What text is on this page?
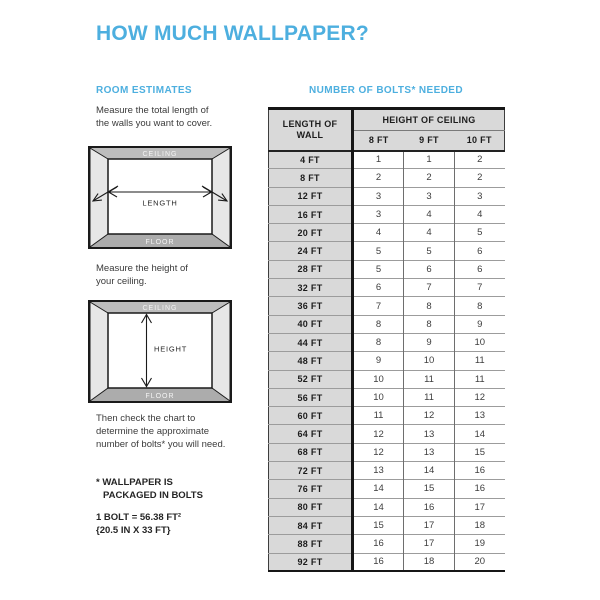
HOW MUCH WALLPAPER?
ROOM ESTIMATES	NUMBER OF BOLTS* NEEDED
Measure the total length of
the walls you want to cover.
CEILING
FLOOR
LENGTH
Measure the height of
your ceiling.
CEILING
FLOOR
HEIGHT
Then check the chart to
determine the approximate
number of bolts* you will need.
* WALLPAPER IS
PACKAGED IN BOLTS
1 BOLT = 56.38 FT²
{20.5 IN X 33 FT}
LENGTH OF WALL	HEIGHT OF CEILING		
	8 FT	9 FT	10 FT
4 FT	1	1	2
8 FT	2	2	2
12 FT	3	3	3
16 FT	3	4	4
20 FT	4	4	5
24 FT	5	5	6
28 FT	5	6	6
32 FT	6	7	7
36 FT	7	8	8
40 FT	8	8	9
44 FT	8	9	10
48 FT	9	10	11
52 FT	10	11	11
56 FT	10	11	12
60 FT	11	12	13
64 FT	12	13	14
68 FT	12	13	15
72 FT	13	14	16
76 FT	14	15	16
80 FT	14	16	17
84 FT	15	17	18
88 FT	16	17	19
92 FT	16	18	20
